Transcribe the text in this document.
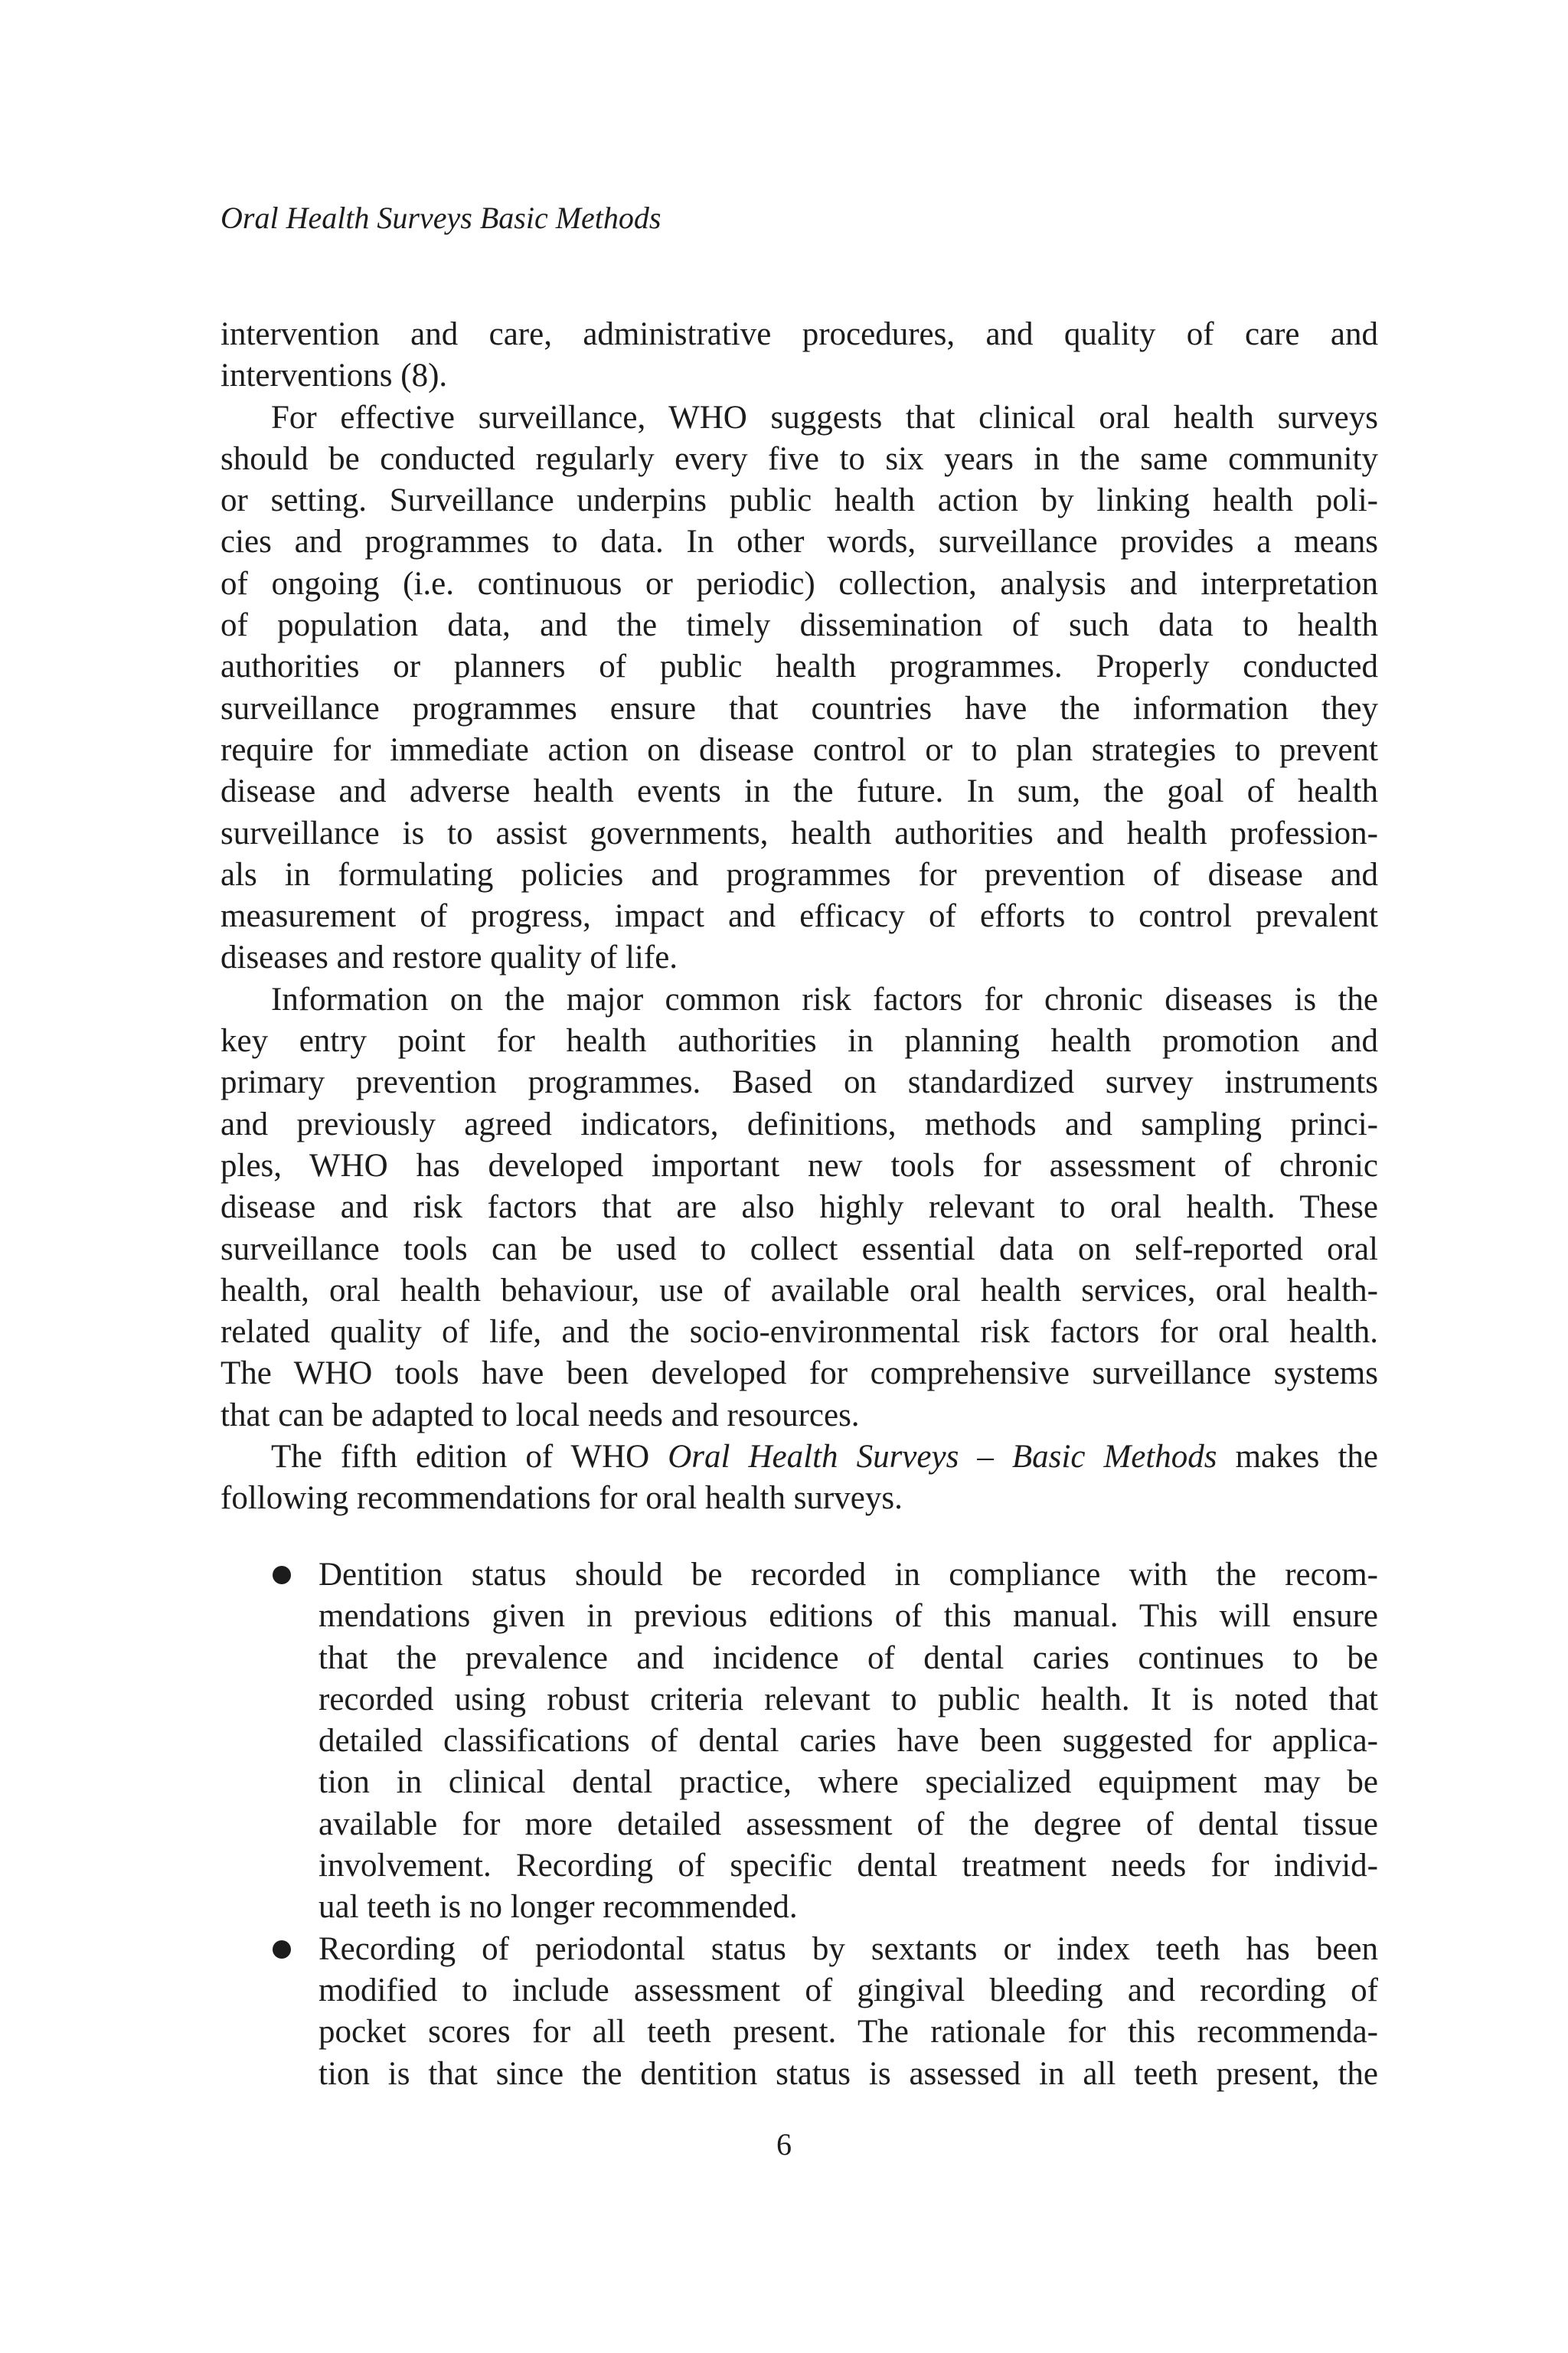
Oral Health Surveys Basic Methods
intervention and care, administrative procedures, and quality of care and
interventions (8).
For effective surveillance, WHO suggests that clinical oral health surveys
should be conducted regularly every five to six years in the same community
or setting. Surveillance underpins public health action by linking health poli-
cies and programmes to data. In other words, surveillance provides a means
of ongoing (i.e. continuous or periodic) collection, analysis and interpretation
of population data, and the timely dissemination of such data to health
authorities or planners of public health programmes. Properly conducted
surveillance programmes ensure that countries have the information they
require for immediate action on disease control or to plan strategies to prevent
disease and adverse health events in the future. In sum, the goal of health
surveillance is to assist governments, health authorities and health profession-
als in formulating policies and programmes for prevention of disease and
measurement of progress, impact and efficacy of efforts to control prevalent
diseases and restore quality of life.
Information on the major common risk factors for chronic diseases is the
key entry point for health authorities in planning health promotion and
primary prevention programmes. Based on standardized survey instruments
and previously agreed indicators, definitions, methods and sampling princi-
ples, WHO has developed important new tools for assessment of chronic
disease and risk factors that are also highly relevant to oral health. These
surveillance tools can be used to collect essential data on self-reported oral
health, oral health behaviour, use of available oral health services, oral health-
related quality of life, and the socio-environmental risk factors for oral health.
The WHO tools have been developed for comprehensive surveillance systems
that can be adapted to local needs and resources.
The fifth edition of WHO Oral Health Surveys – Basic Methods makes the
following recommendations for oral health surveys.
Dentition status should be recorded in compliance with the recom-
mendations given in previous editions of this manual. This will ensure
that the prevalence and incidence of dental caries continues to be
recorded using robust criteria relevant to public health. It is noted that
detailed classifications of dental caries have been suggested for applica-
tion in clinical dental practice, where specialized equipment may be
available for more detailed assessment of the degree of dental tissue
involvement. Recording of specific dental treatment needs for individ-
ual teeth is no longer recommended.
Recording of periodontal status by sextants or index teeth has been
modified to include assessment of gingival bleeding and recording of
pocket scores for all teeth present. The rationale for this recommenda-
tion is that since the dentition status is assessed in all teeth present, the
6
